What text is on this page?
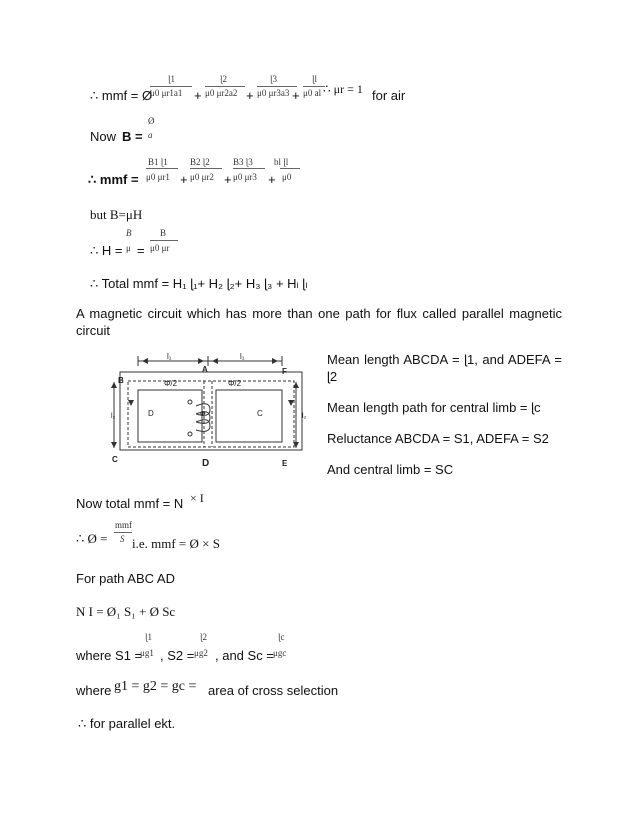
∴ mmf = Ø
ɭ1
μ0 μr1a1 +
ɭ2
μ0 μr2a2 +
ɭ3
μ0 μr3a3 +
ɭl
μ0 al ∴ μr = 1 for air
Now B =
Ø
a
∴ mmf =
B1 ɭ1
μ0 μr1 +
B2 ɭ2
μ0 μr2 +
B3 ɭ3
μ0 μr3 +
bl ɭl
μ0
but B=μH
∴ H =
B
μ =
B
μ0 μr
∴ Total mmf = H₁ ɭ₁+ H₂ ɭ₂+ H₃ ɭ₃ + Hₗ ɭₗ
A magnetic circuit which has more than one path for flux called parallel magnetic circuit
l₁	l₁
l₂	l₂
Φ/2	Φ/2
Φ
A
B
C	D	E
F
D	C
Mean length ABCDA = ɭ1, and ADEFA = ɭ2
Mean length path for central limb = ɭc
Reluctance ABCDA = S1, ADEFA = S2
And central limb = SC
Now total mmf = N × I
∴ Ø =
mmf
S i.e. mmf = Ø × S
For path ABC AD
N I = Ø₁ S₁ + Ø Sc
ɭ1	ɭ2	ɭc
where S1 =
μg1 , S2 = μg2 , and Sc = μgc
where g1 = g2 = gc = area of cross selection
∴ for parallel ekt.
